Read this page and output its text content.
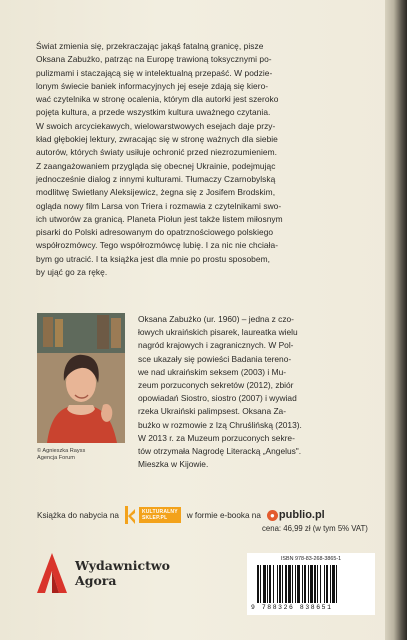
Świat zmienia się, przekraczając jakąś fatalną granicę, pisze

Oksana Zabużko, patrząc na Europę trawioną toksycznymi po-

pulizmami i staczającą się w intelektualną przepaść. W podzie-

lonym świecie baniek informacyjnych jej eseje zdają się kiero-

wać czytelnika w stronę ocalenia, którym dla autorki jest szeroko

pojęta kultura, a przede wszystkim kultura uważnego czytania.

W swoich arcyciekawych, wielowarstwowych esejach daje przy-

kład głębokiej lektury, zwracając się w stronę ważnych dla siebie

autorów, których światy usiłuje ochronić przed niezrozumieniem.

Z zaangażowaniem przygląda się obecnej Ukrainie, podejmując

jednocześnie dialog z innymi kulturami. Tłumaczy Czarnobylską

modlitwę Swietłany Aleksijewicz, żegna się z Josifem Brodskim,

ogląda nowy film Larsa von Triera i rozmawia z czytelnikami swo-

ich utworów za granicą. Planeta Piołun jest także listem miłosnym

pisarki do Polski adresowanym do opatrznościowego polskiego

współrozmówcy. Tego współrozmówcę lubię. I za nic nie chciała-

bym go utracić. I ta książka jest dla mnie po prostu sposobem,

by ująć go za rękę.

© Agnieszka Rayss
Agencja Forum

Oksana Zabużko (ur. 1960) – jedna z czo-

łowych ukraińskich pisarek, laureatka wielu

nagród krajowych i zagranicznych. W Pol-

sce ukazały się powieści Badania tereno-

we nad ukraińskim seksem (2003) i Mu-

zeum porzuconych sekretów (2012), zbiór

opowiadań Siostro, siostro (2007) i wywiad

rzeka Ukraiński palimpsest. Oksana Za-

bużko w rozmowie z Izą Chruślińską (2013).

W 2013 r. za Muzeum porzuconych sekre-

tów otrzymała Nagrodę Literacką „Angelus".

Mieszka w Kijowie.

Książka do nabycia na	KULTURALNY
SKLEP.PL	w formie e-booka na	● publio.pl
cena: 46,99 zł (w tym 5% VAT)
Wydawnictwo
Agora
ISBN 978-83-268-3865-1
9 788326 838651
